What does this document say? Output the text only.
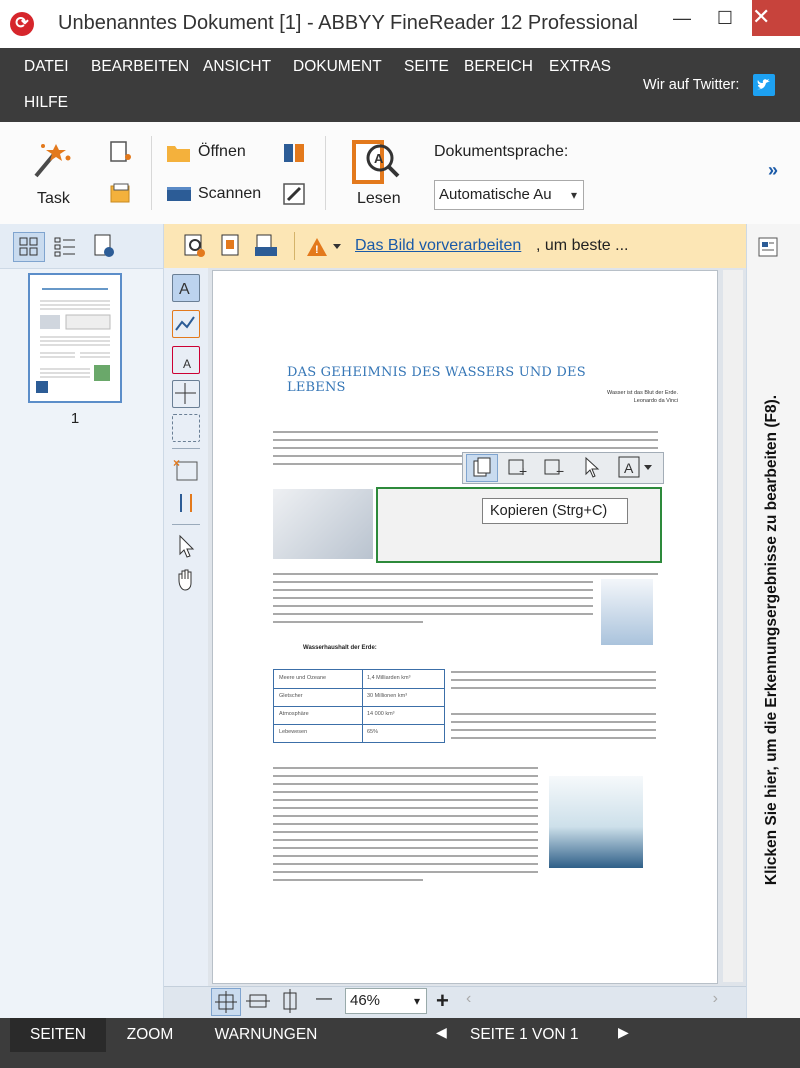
⟳ Unbenanntes Dokument [1] - ABBYY FineReader 12 Professional	—	☐ ✕
DATEI BEARBEITEN ANSICHT DOKUMENT SEITE BEREICH EXTRAS
HILFE
Wir auf Twitter:
Task
Öffnen
Scannen
A
Lesen
Dokumentsprache:
Automatische Au ▾
»
1
! Das Bild vorverarbeiten , um beste ...
A
A
×
DAS GEHEIMNIS DES WASSERS UND DES LEBENS	Wasser ist das Blut der Erde.
Leonardo da Vinci
Wasserhaushalt der Erde:
Meere und Ozeane	1,4 Milliarden km³
Gletscher	30 Millionen km³
Atmosphäre	14 000 km³
Lebewesen	65%
+ −	A
Kopieren (Strg+C)	Klicken Sie hier, um die Erkennungsergebnisse zu bearbeiten (F8).
—	46%	▾ + ‹	›
SEITEN	ZOOM	WARNUNGEN	◀ SEITE 1 VON 1	▶
